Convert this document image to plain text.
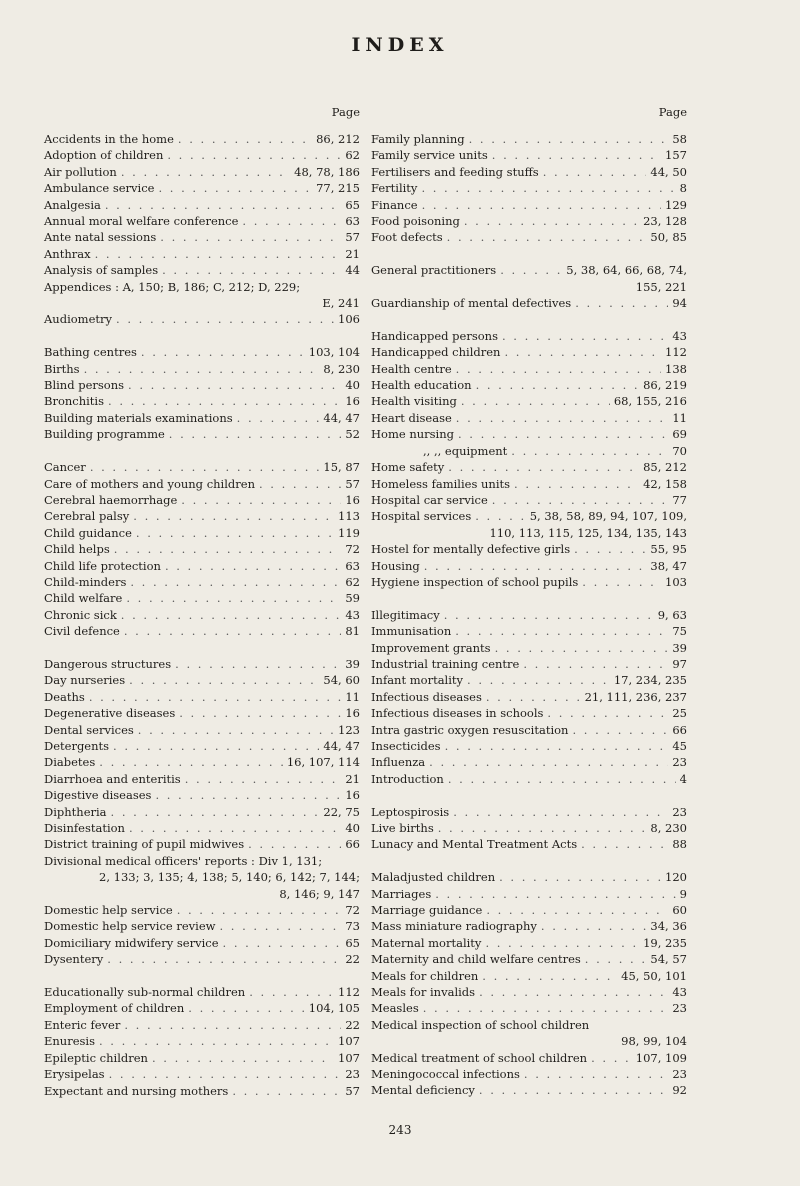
INDEX
Page
Accidents in the home . . .	86, 212
Adoption of children . . .	62
Air pollution . . .	48, 78, 186
Ambulance service . . .	77, 215
Analgesia . . .	65
Annual moral welfare conference . . .	63
Ante natal sessions . . .	57
Anthrax . . .	21
Analysis of samples . . .	44
Appendices : A, 150; B, 186; C, 212; D, 229;
E, 241
Audiometry . . .	106
Bathing centres . . .	103, 104
Births . . .	8, 230
Blind persons . . .	40
Bronchitis . . .	16
Building materials examinations . . .	44, 47
Building programme . . .	52
Cancer . . .	15, 87
Care of mothers and young children . . .	57
Cerebral haemorrhage . . .	16
Cerebral palsy . . .	113
Child guidance . . .	119
Child helps . . .	72
Child life protection . . .	63
Child-minders . . .	62
Child welfare . . .	59
Chronic sick . . .	43
Civil defence . . .	81
Dangerous structures . . .	39
Day nurseries . . .	54, 60
Deaths . . .	11
Degenerative diseases . . .	16
Dental services . . .	123
Detergents . . .	44, 47
Diabetes . . .	16, 107, 114
Diarrhoea and enteritis . . .	21
Digestive diseases . . .	16
Diphtheria . . .	22, 75
Disinfestation . . .	40
District training of pupil midwives . . .	66
Divisional medical officers' reports : Div 1, 131;
2, 133; 3, 135; 4, 138; 5, 140; 6, 142; 7, 144;
8, 146; 9, 147
Domestic help service . . .	72
Domestic help service review . . .	73
Domiciliary midwifery service . . .	65
Dysentery . . .	22
Educationally sub-normal children . . .	112
Employment of children . . .	104, 105
Enteric fever . . .	22
Enuresis . . .	107
Epileptic children . . .	107
Erysipelas . . .	23
Expectant and nursing mothers . . .	57
Page
Family planning . . .	58
Family service units . . .	157
Fertilisers and feeding stuffs . . .	44, 50
Fertility . . .	8
Finance . . .	129
Food poisoning . . .	23, 128
Foot defects . . .	50, 85
General practitioners . . .	5, 38, 64, 66, 68, 74,
155, 221
Guardianship of mental defectives . . .	94
Handicapped persons . . .	43
Handicapped children . . .	112
Health centre . . .	138
Health education . . .	86, 219
Health visiting . . .	68, 155, 216
Heart disease . . .	11
Home nursing . . .	69
,, ,, equipment . . .	70
Home safety . . .	85, 212
Homeless families units . . .	42, 158
Hospital car service . . .	77
Hospital services . . .	5, 38, 58, 89, 94, 107, 109,
110, 113, 115, 125, 134, 135, 143
Hostel for mentally defective girls . . .	55, 95
Housing . . .	38, 47
Hygiene inspection of school pupils . . .	103
Illegitimacy . . .	9, 63
Immunisation . . .	75
Improvement grants . . .	39
Industrial training centre . . .	97
Infant mortality . . .	17, 234, 235
Infectious diseases . . .	21, 111, 236, 237
Infectious diseases in schools . . .	25
Intra gastric oxygen resuscitation . . .	66
Insecticides . . .	45
Influenza . . .	23
Introduction . . .	4
Leptospirosis . . .	23
Live births . . .	8, 230
Lunacy and Mental Treatment Acts . . .	88
Maladjusted children . . .	120
Marriages . . .	9
Marriage guidance . . .	60
Mass miniature radiography . . .	34, 36
Maternal mortality . . .	19, 235
Maternity and child welfare centres . . .	54, 57
Meals for children . . .	45, 50, 101
Meals for invalids . . .	43
Measles . . .	23
Medical inspection of school children
98, 99, 104
Medical treatment of school children . . .	107, 109
Meningococcal infections . . .	23
Mental deficiency . . .	92
243
